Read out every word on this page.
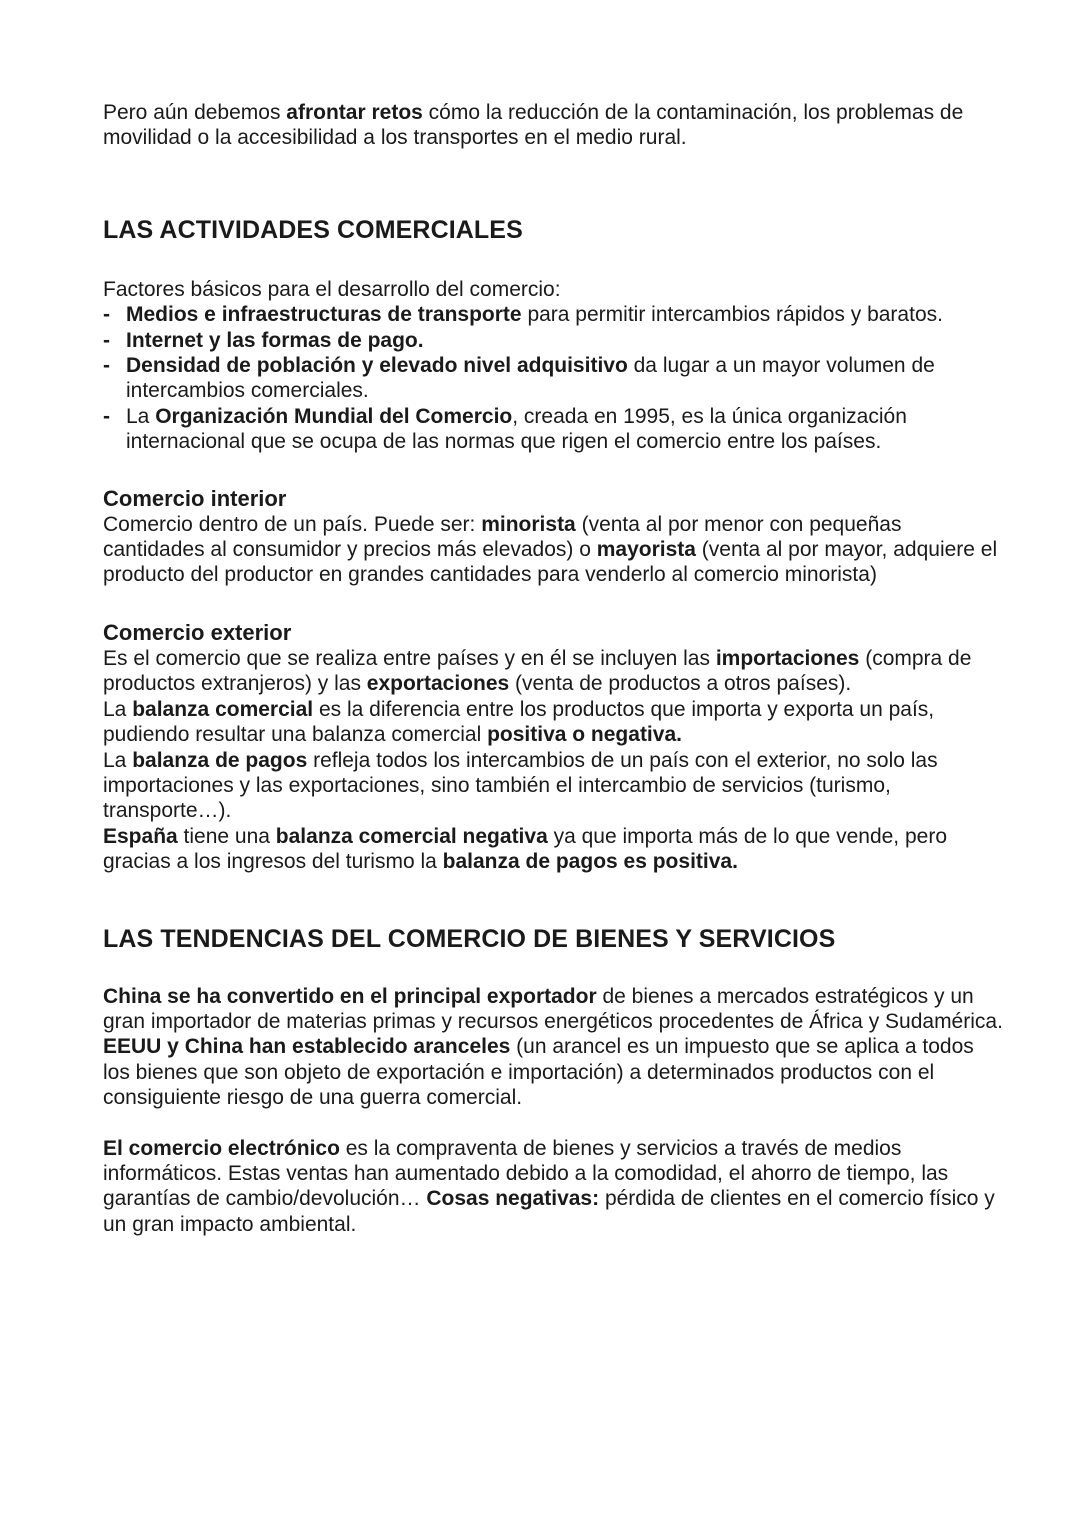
Pero aún debemos afrontar retos cómo la reducción de la contaminación, los problemas de movilidad o la accesibilidad a los transportes en el medio rural.

LAS ACTIVIDADES COMERCIALES

Factores básicos para el desarrollo del comercio:

- Medios e infraestructuras de transporte para permitir intercambios rápidos y baratos.
- Internet y las formas de pago.
- Densidad de población y elevado nivel adquisitivo da lugar a un mayor volumen de intercambios comerciales.
- La Organización Mundial del Comercio, creada en 1995, es la única organización internacional que se ocupa de las normas que rigen el comercio entre los países.
Comercio interior

Comercio dentro de un país. Puede ser: minorista (venta al por menor con pequeñas cantidades al consumidor y precios más elevados) o mayorista (venta al por mayor, adquiere el producto del productor en grandes cantidades para venderlo al comercio minorista)

Comercio exterior

Es el comercio que se realiza entre países y en él se incluyen las importaciones (compra de productos extranjeros) y las exportaciones (venta de productos a otros países).

La balanza comercial es la diferencia entre los productos que importa y exporta un país, pudiendo resultar una balanza comercial positiva o negativa.

La balanza de pagos refleja todos los intercambios de un país con el exterior, no solo las importaciones y las exportaciones, sino también el intercambio de servicios (turismo, transporte…).

España tiene una balanza comercial negativa ya que importa más de lo que vende, pero gracias a los ingresos del turismo la balanza de pagos es positiva.

LAS TENDENCIAS DEL COMERCIO DE BIENES Y SERVICIOS

China se ha convertido en el principal exportador de bienes a mercados estratégicos y un gran importador de materias primas y recursos energéticos procedentes de África y Sudamérica.

EEUU y China han establecido aranceles (un arancel es un impuesto que se aplica a todos los bienes que son objeto de exportación e importación) a determinados productos con el consiguiente riesgo de una guerra comercial.

El comercio electrónico es la compraventa de bienes y servicios a través de medios informáticos. Estas ventas han aumentado debido a la comodidad, el ahorro de tiempo, las garantías de cambio/devolución… Cosas negativas: pérdida de clientes en el comercio físico y un gran impacto ambiental.
